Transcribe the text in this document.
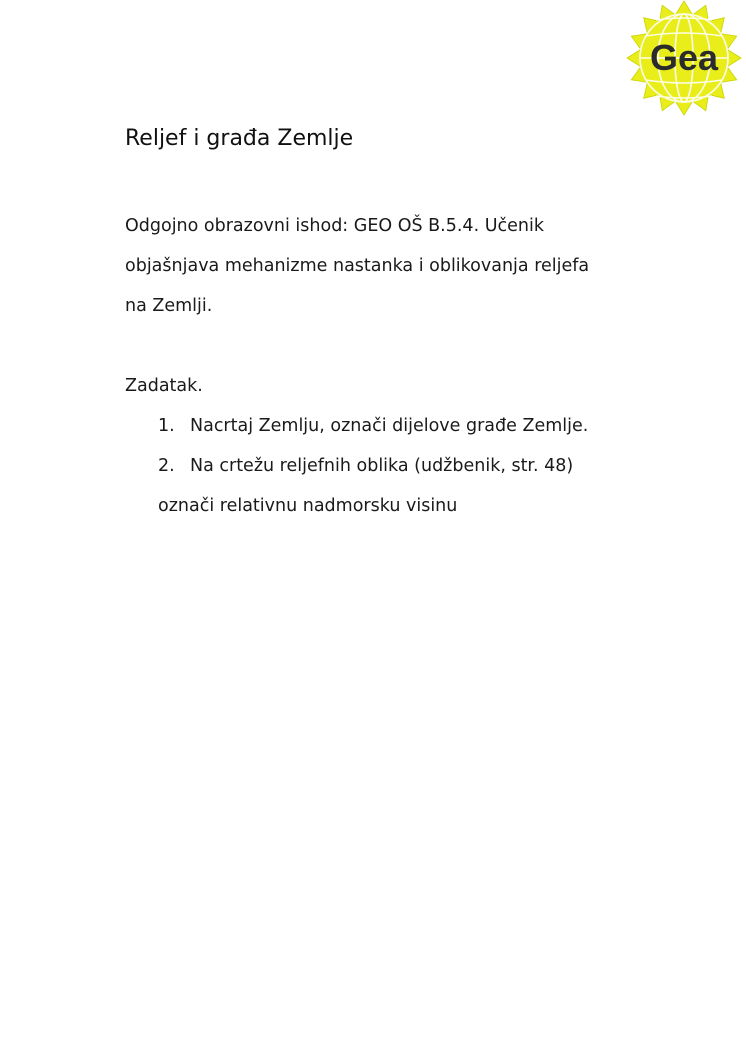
Gea
Reljef i građa Zemlje

Odgojno obrazovni ishod: GEO OŠ B.5.4. Učenik

objašnjava mehanizme nastanka i oblikovanja reljefa

na Zemlji.

Zadatak.

1. Nacrtaj Zemlju, označi dijelove građe Zemlje.
2. Na crtežu reljefnih oblika (udžbenik, str. 48)
označi relativnu nadmorsku visinu
